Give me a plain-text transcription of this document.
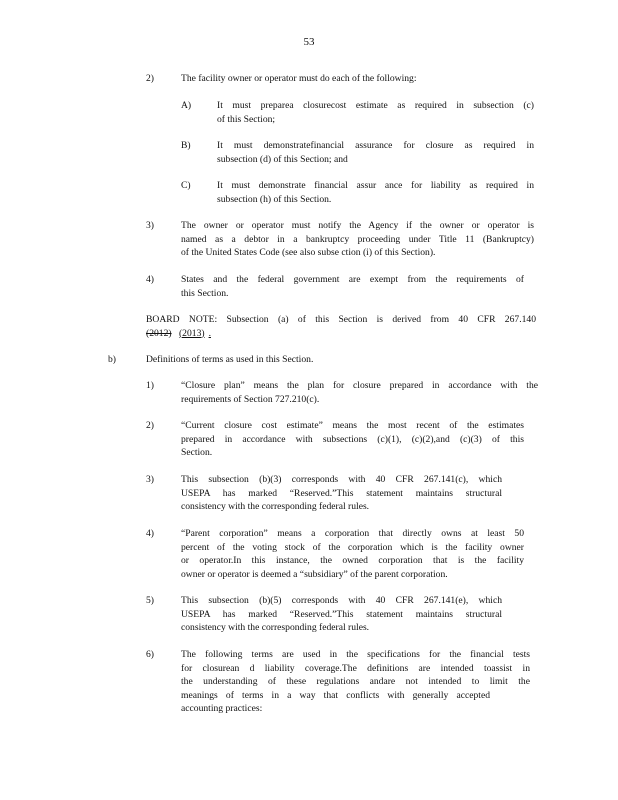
53
2)	The facility owner or operator must do each of the following:
A)	It must preparea closurecost estimate as required in subsection (c)
of this Section;
B)	It must demonstratefinancial assurance for closure as required in
subsection (d) of this Section; and
C)	It must demonstrate financial assur ance for liability as required in
subsection (h) of this Section.
3)	The owner or operator must notify the Agency if the owner or operator is
named as a debtor in a bankruptcy proceeding under Title 11 (Bankruptcy)
of the United States Code (see also subse ction (i) of this Section).
4)	States and the federal government are exempt from the requirements of
this Section.
BOARD NOTE: Subsection (a) of this Section is derived from 40 CFR 267.140
(2012) (2013) .
b)	Definitions of terms as used in this Section.
1)	“Closure plan” means the plan for closure prepared in accordance with the
requirements of Section 727.210(c).
2)	“Current closure cost estimate” means the most recent of the estimates
prepared in accordance with subsections (c)(1), (c)(2),and (c)(3) of this
Section.
3)	This subsection (b)(3) corresponds with 40 CFR 267.141(c), which
USEPA has marked “Reserved.”This statement maintains structural
consistency with the corresponding federal rules.
4)	“Parent corporation” means a corporation that directly owns at least 50
percent of the voting stock of the corporation which is the facility owner
or operator.In this instance, the owned corporation that is the facility
owner or operator is deemed a “subsidiary” of the parent corporation.
5)	This subsection (b)(5) corresponds with 40 CFR 267.141(e), which
USEPA has marked “Reserved.”This statement maintains structural
consistency with the corresponding federal rules.
6)	The following terms are used in the specifications for the financial tests
for closurean d liability coverage.The definitions are intended toassist in
the understanding of these regulations andare not intended to limit the
meanings of terms in a way that conflicts with generally accepted
accounting practices:
